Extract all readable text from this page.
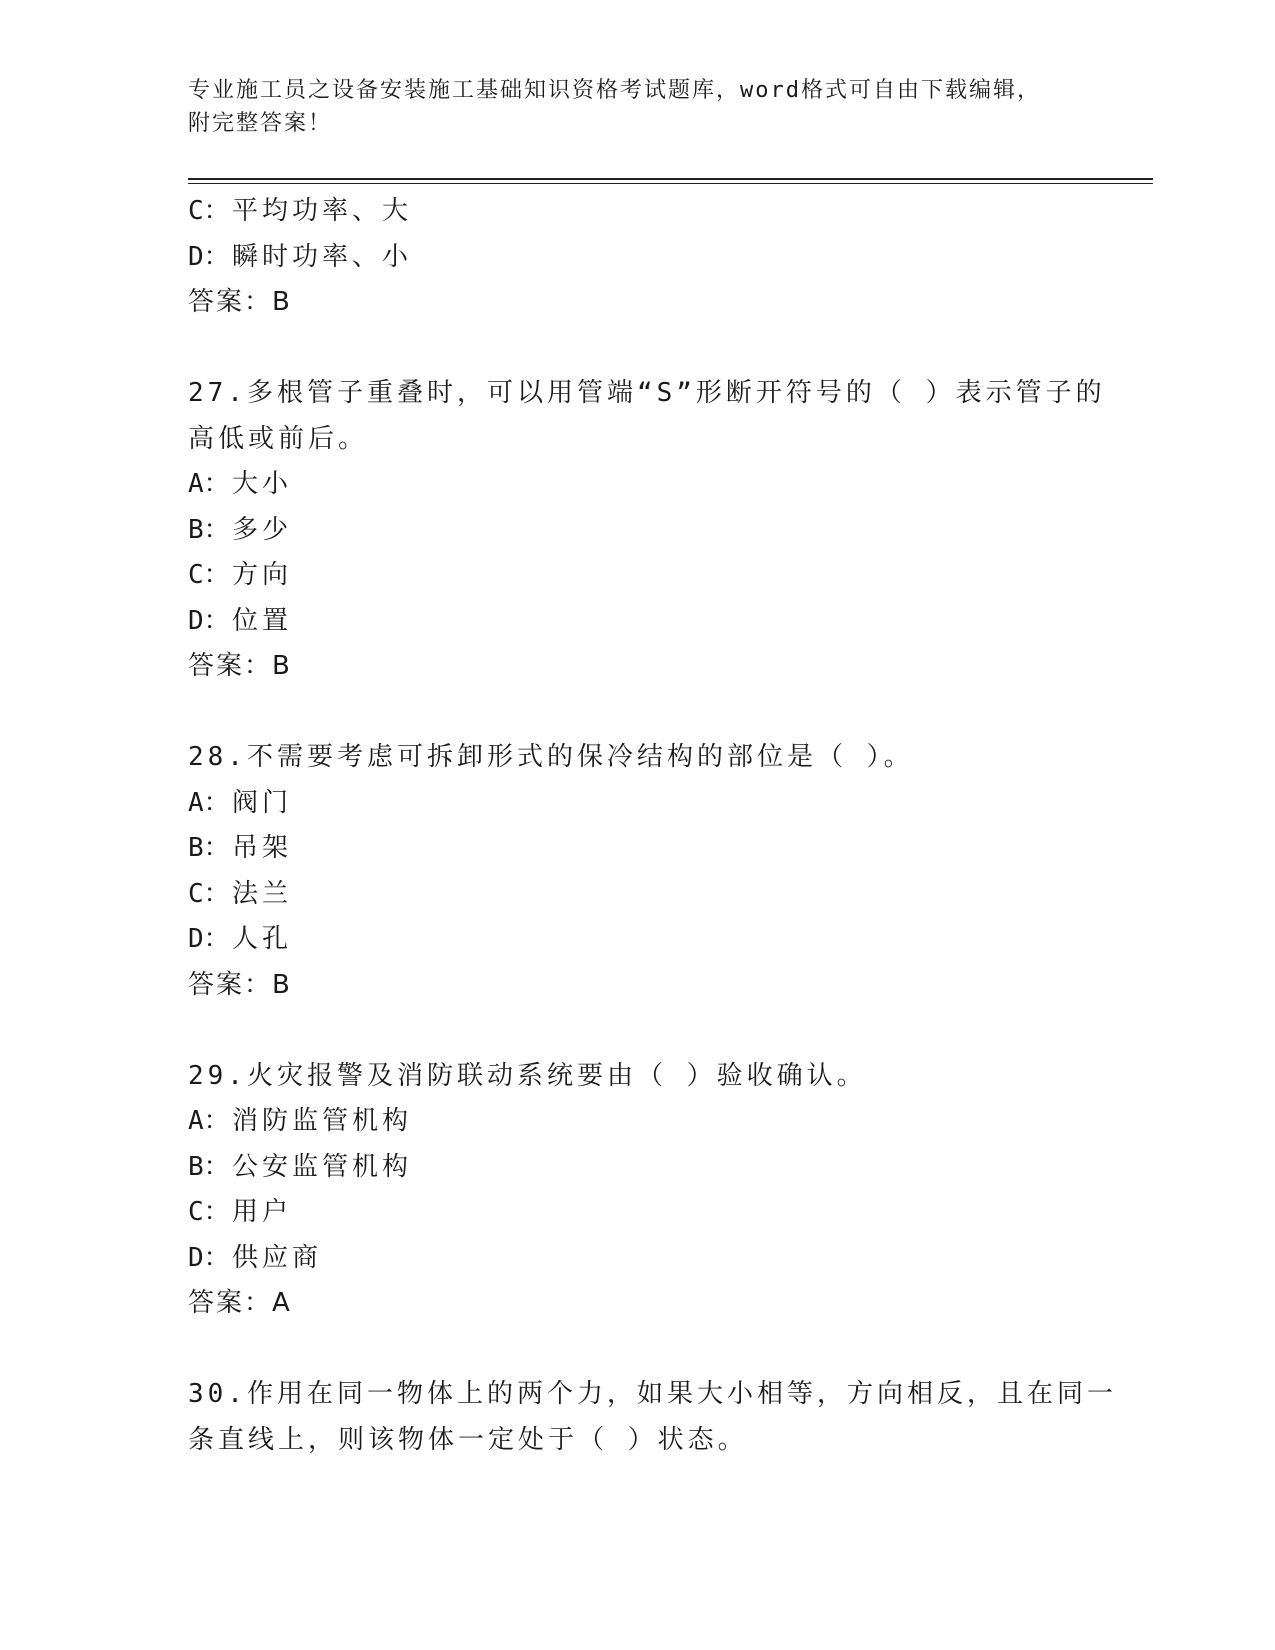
专业施工员之设备安装施工基础知识资格考试题库，word格式可自由下载编辑，
附完整答案！
C：平均功率、大
D：瞬时功率、小
答案：B
27.多根管子重叠时，可以用管端“S”形断开符号的（ ）表示管子的
高低或前后。
A：大小
B：多少
C：方向
D：位置
答案：B
28.不需要考虑可拆卸形式的保冷结构的部位是（ ）。
A：阀门
B：吊架
C：法兰
D：人孔
答案：B
29.火灾报警及消防联动系统要由（ ）验收确认。
A：消防监管机构
B：公安监管机构
C：用户
D：供应商
答案：A
30.作用在同一物体上的两个力，如果大小相等，方向相反，且在同一
条直线上，则该物体一定处于（ ）状态。
